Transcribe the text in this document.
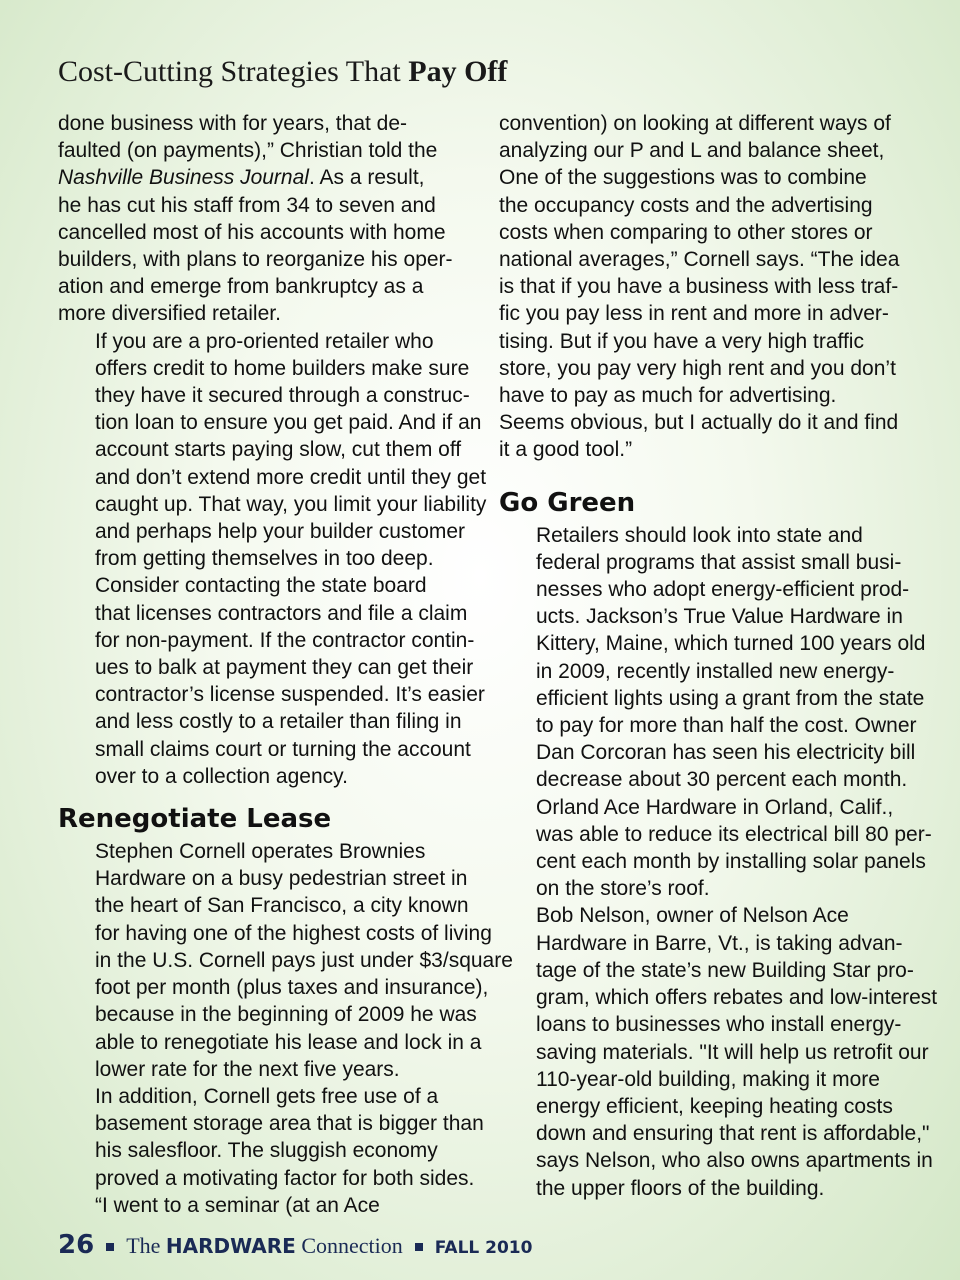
Cost-Cutting Strategies That Pay Off

done business with for years, that de-
faulted (on payments),” Christian told the
Nashville Business Journal. As a result,
he has cut his staff from 34 to seven and
cancelled most of his accounts with home
builders, with plans to reorganize his oper-
ation and emerge from bankruptcy as a
more diversified retailer.

If you are a pro-oriented retailer who
offers credit to home builders make sure
they have it secured through a construc-
tion loan to ensure you get paid. And if an
account starts paying slow, cut them off
and don’t extend more credit until they get
caught up. That way, you limit your liability
and perhaps help your builder customer
from getting themselves in too deep.

Consider contacting the state board
that licenses contractors and file a claim
for non-payment. If the contractor contin-
ues to balk at payment they can get their
contractor’s license suspended. It’s easier
and less costly to a retailer than filing in
small claims court or turning the account
over to a collection agency.

Renegotiate Lease

Stephen Cornell operates Brownies
Hardware on a busy pedestrian street in
the heart of San Francisco, a city known
for having one of the highest costs of living
in the U.S. Cornell pays just under $3/square
foot per month (plus taxes and insurance),
because in the beginning of 2009 he was
able to renegotiate his lease and lock in a
lower rate for the next five years.

In addition, Cornell gets free use of a
basement storage area that is bigger than
his salesfloor. The sluggish economy
proved a motivating factor for both sides.

“I went to a seminar (at an Ace

convention) on looking at different ways of
analyzing our P and L and balance sheet,
One of the suggestions was to combine
the occupancy costs and the advertising
costs when comparing to other stores or
national averages,” Cornell says. “The idea
is that if you have a business with less traf-
fic you pay less in rent and more in adver-
tising. But if you have a very high traffic
store, you pay very high rent and you don’t
have to pay as much for advertising.
Seems obvious, but I actually do it and find
it a good tool.”

Go Green

Retailers should look into state and
federal programs that assist small busi-
nesses who adopt energy-efficient prod-
ucts. Jackson’s True Value Hardware in
Kittery, Maine, which turned 100 years old
in 2009, recently installed new energy-
efficient lights using a grant from the state
to pay for more than half the cost. Owner
Dan Corcoran has seen his electricity bill
decrease about 30 percent each month.

Orland Ace Hardware in Orland, Calif.,
was able to reduce its electrical bill 80 per-
cent each month by installing solar panels
on the store’s roof.

Bob Nelson, owner of Nelson Ace
Hardware in Barre, Vt., is taking advan-
tage of the state’s new Building Star pro-
gram, which offers rebates and low-interest
loans to businesses who install energy-
saving materials. "It will help us retrofit our
110-year-old building, making it more
energy efficient, keeping heating costs
down and ensuring that rent is affordable,"
says Nelson, who also owns apartments in
the upper floors of the building.

26 The HARDWARE Connection FALL 2010
